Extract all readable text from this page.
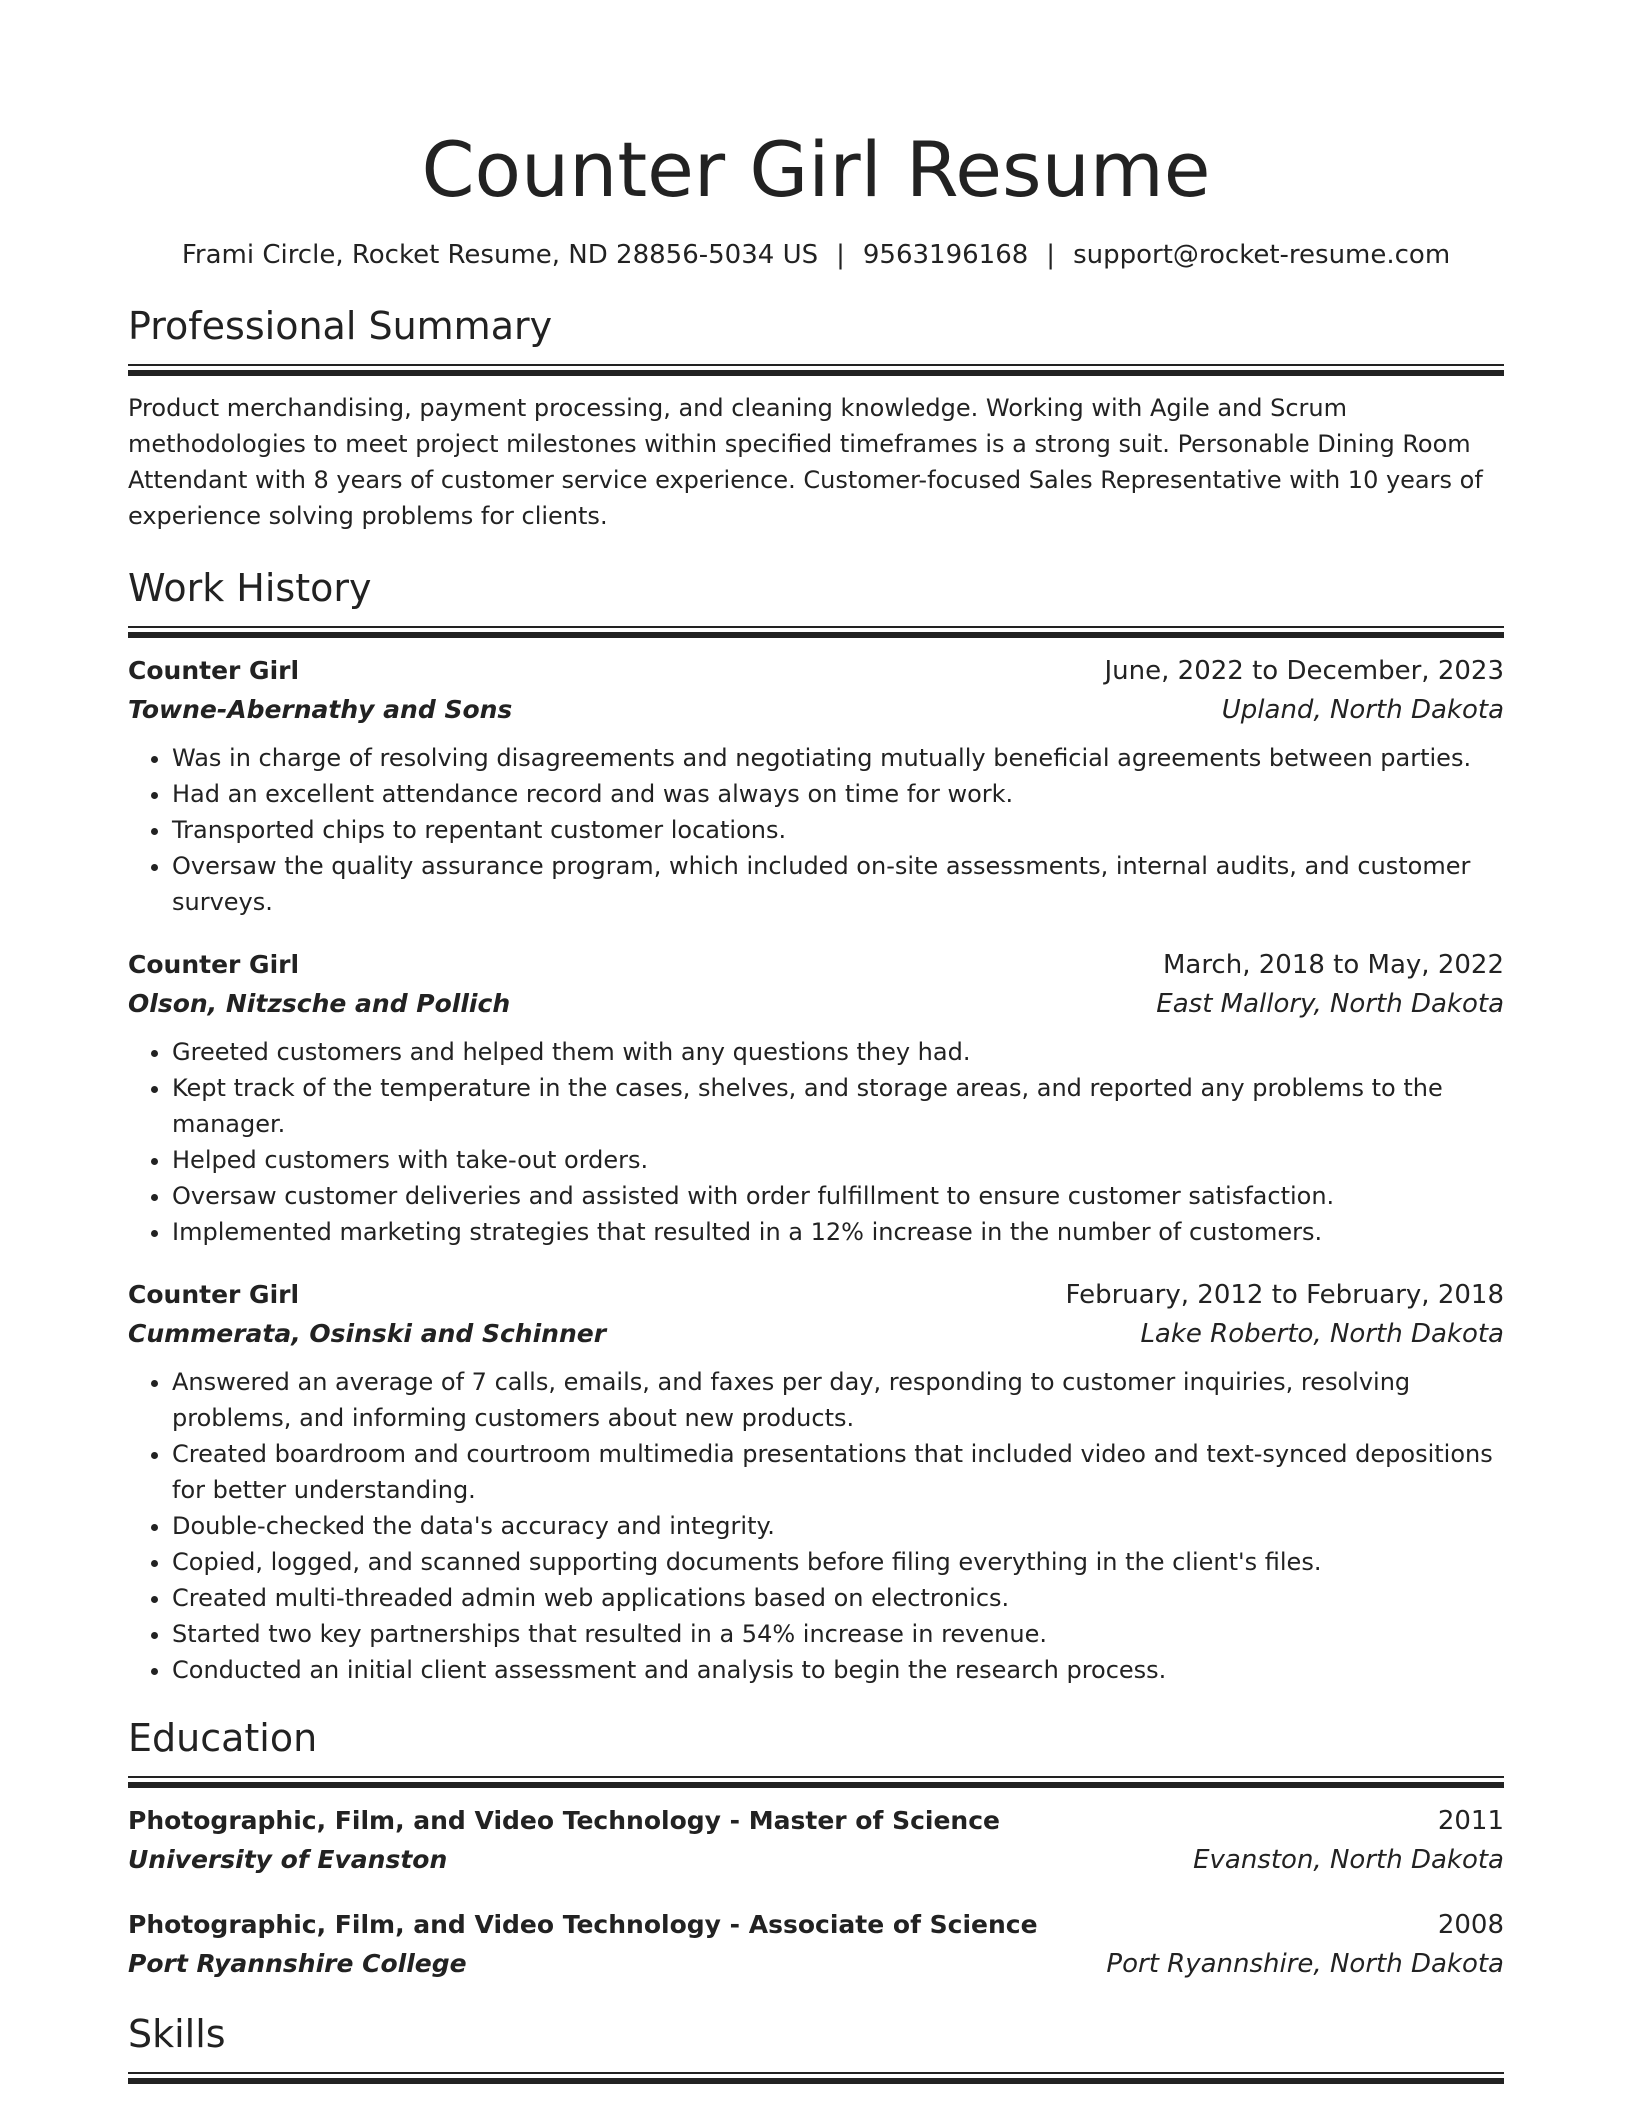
Counter Girl Resume
Frami Circle, Rocket Resume, ND 28856-5034 US | 9563196168 | support@rocket-resume.com
Professional Summary

Product merchandising, payment processing, and cleaning knowledge. Working with Agile and Scrum methodologies to meet project milestones within specified timeframes is a strong suit. Personable Dining Room Attendant with 8 years of customer service experience. Customer-focused Sales Representative with 10 years of experience solving problems for clients.

Work History
Counter Girl	June, 2022 to December, 2023
Towne-Abernathy and Sons	Upland, North Dakota
• Was in charge of resolving disagreements and negotiating mutually beneficial agreements between parties.
• Had an excellent attendance record and was always on time for work.
• Transported chips to repentant customer locations.
• Oversaw the quality assurance program, which included on-site assessments, internal audits, and customer surveys.
Counter Girl	March, 2018 to May, 2022
Olson, Nitzsche and Pollich	East Mallory, North Dakota
• Greeted customers and helped them with any questions they had.
• Kept track of the temperature in the cases, shelves, and storage areas, and reported any problems to the manager.
• Helped customers with take-out orders.
• Oversaw customer deliveries and assisted with order fulfillment to ensure customer satisfaction.
• Implemented marketing strategies that resulted in a 12% increase in the number of customers.
Counter Girl	February, 2012 to February, 2018
Cummerata, Osinski and Schinner	Lake Roberto, North Dakota
• Answered an average of 7 calls, emails, and faxes per day, responding to customer inquiries, resolving problems, and informing customers about new products.
• Created boardroom and courtroom multimedia presentations that included video and text-synced depositions for better understanding.
• Double-checked the data's accuracy and integrity.
• Copied, logged, and scanned supporting documents before filing everything in the client's files.
• Created multi-threaded admin web applications based on electronics.
• Started two key partnerships that resulted in a 54% increase in revenue.
• Conducted an initial client assessment and analysis to begin the research process.
Education
Photographic, Film, and Video Technology - Master of Science	2011
University of Evanston	Evanston, North Dakota
Photographic, Film, and Video Technology - Associate of Science	2008
Port Ryannshire College	Port Ryannshire, North Dakota
Skills
